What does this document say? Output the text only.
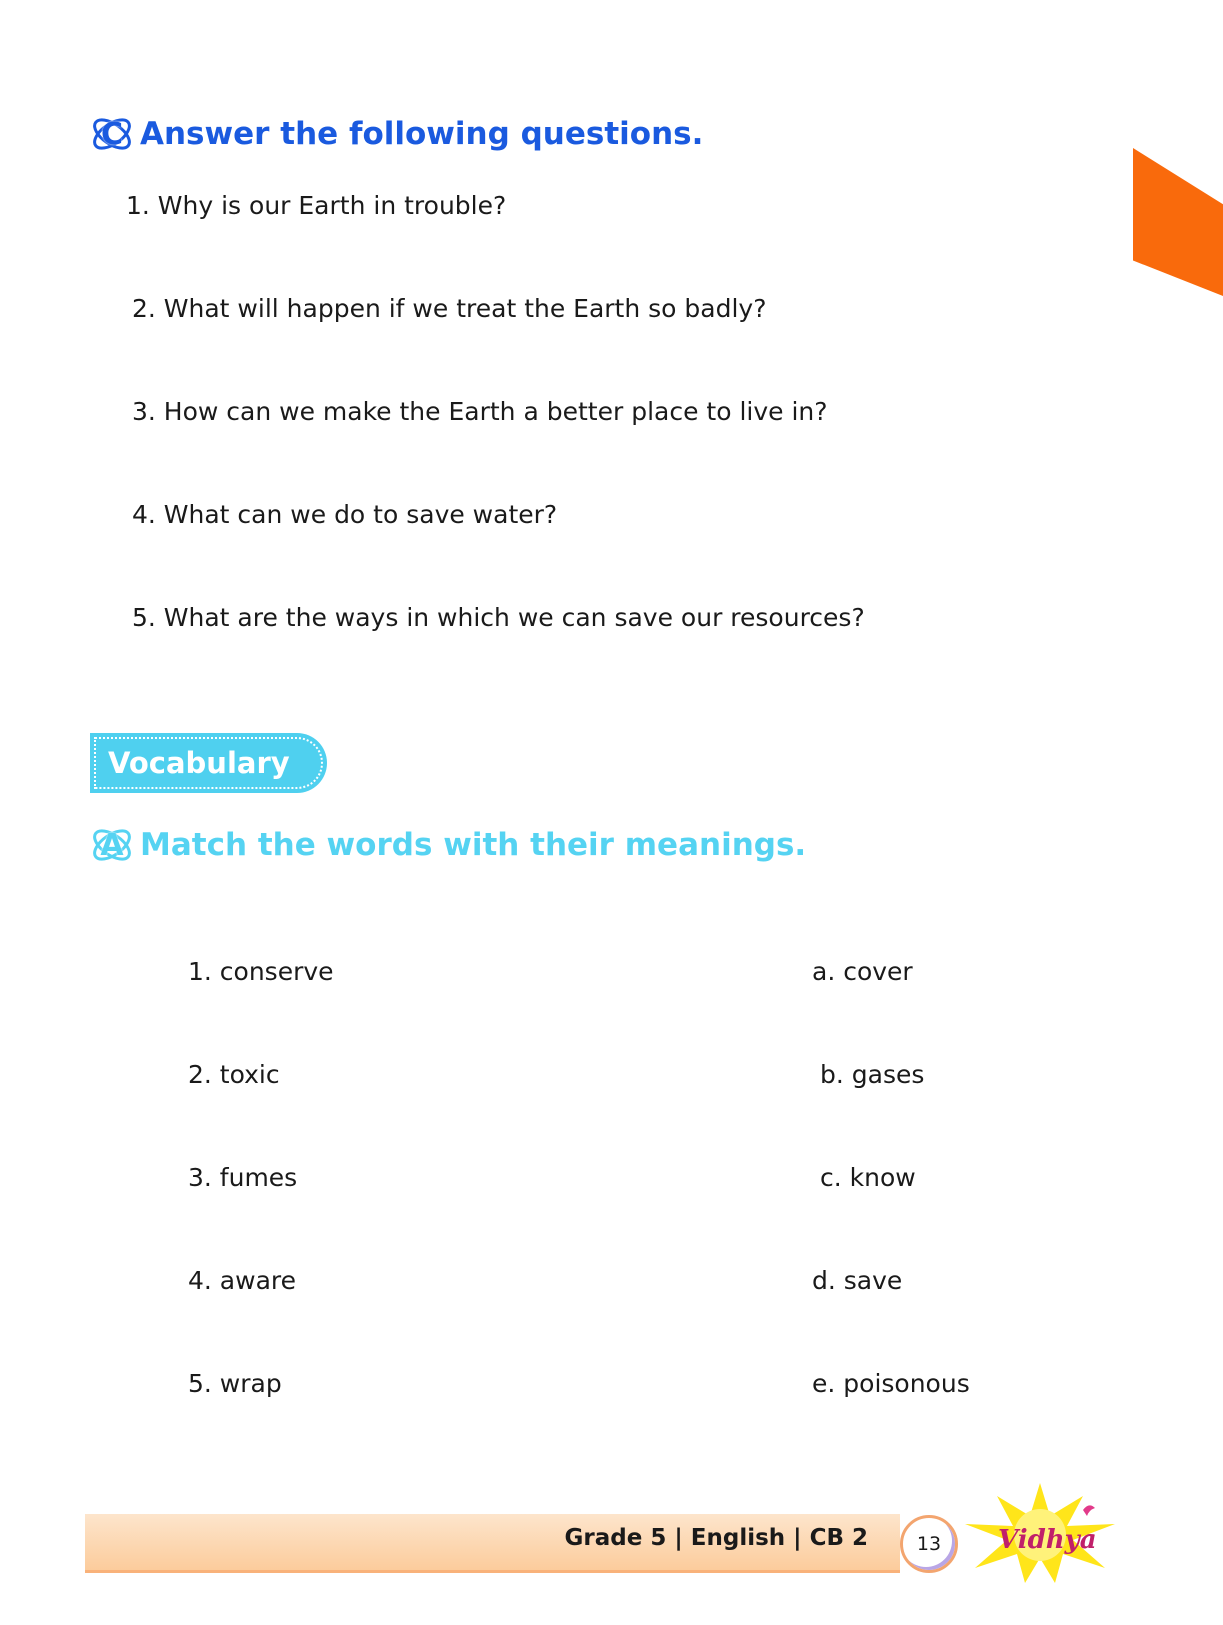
C Answer the following questions.
1. Why is our Earth in trouble?
2. What will happen if we treat the Earth so badly?
3. How can we make the Earth a better place to live in?
4. What can we do to save water?
5. What are the ways in which we can save our resources?
Vocabulary
A Match the words with their meanings.
1. conserve
2. toxic
3. fumes
4. aware
5. wrap
a. cover
b. gases
c. know
d. save
e. poisonous
Grade 5 | English | CB 2	13	Vidhya
